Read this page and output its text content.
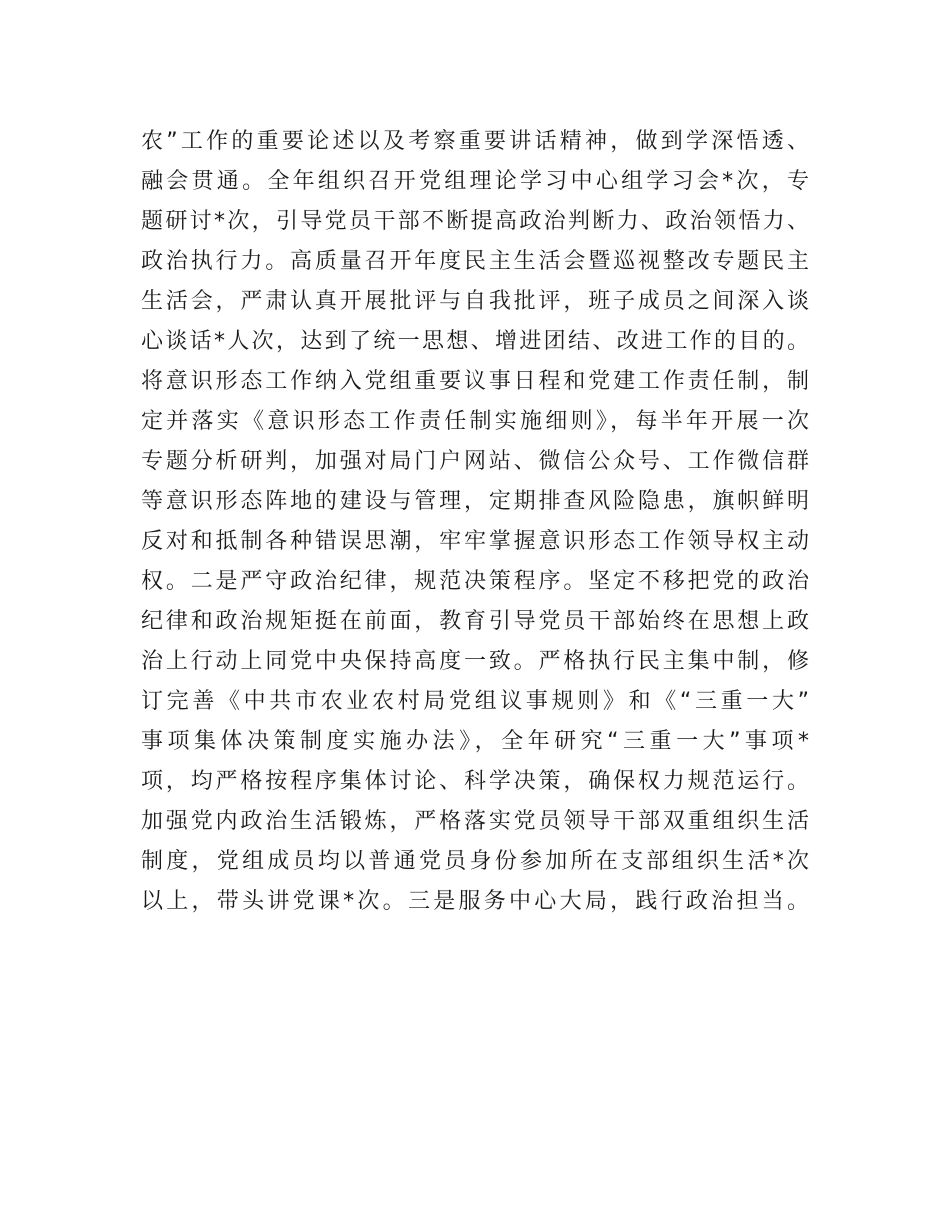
农”工作的重要论述以及考察重要讲话精神，做到学深悟透、
融会贯通。全年组织召开党组理论学习中心组学习会*次，专
题研讨*次，引导党员干部不断提高政治判断力、政治领悟力、
政治执行力。高质量召开年度民主生活会暨巡视整改专题民主
生活会，严肃认真开展批评与自我批评，班子成员之间深入谈
心谈话*人次，达到了统一思想、增进团结、改进工作的目的。
将意识形态工作纳入党组重要议事日程和党建工作责任制，制
定并落实《意识形态工作责任制实施细则》，每半年开展一次
专题分析研判，加强对局门户网站、微信公众号、工作微信群
等意识形态阵地的建设与管理，定期排查风险隐患，旗帜鲜明
反对和抵制各种错误思潮，牢牢掌握意识形态工作领导权主动
权。二是严守政治纪律，规范决策程序。坚定不移把党的政治
纪律和政治规矩挺在前面，教育引导党员干部始终在思想上政
治上行动上同党中央保持高度一致。严格执行民主集中制，修
订完善《中共市农业农村局党组议事规则》和《“三重一大”
事项集体决策制度实施办法》，全年研究“三重一大”事项*
项，均严格按程序集体讨论、科学决策，确保权力规范运行。
加强党内政治生活锻炼，严格落实党员领导干部双重组织生活
制度，党组成员均以普通党员身份参加所在支部组织生活*次
以上，带头讲党课*次。三是服务中心大局，践行政治担当。
